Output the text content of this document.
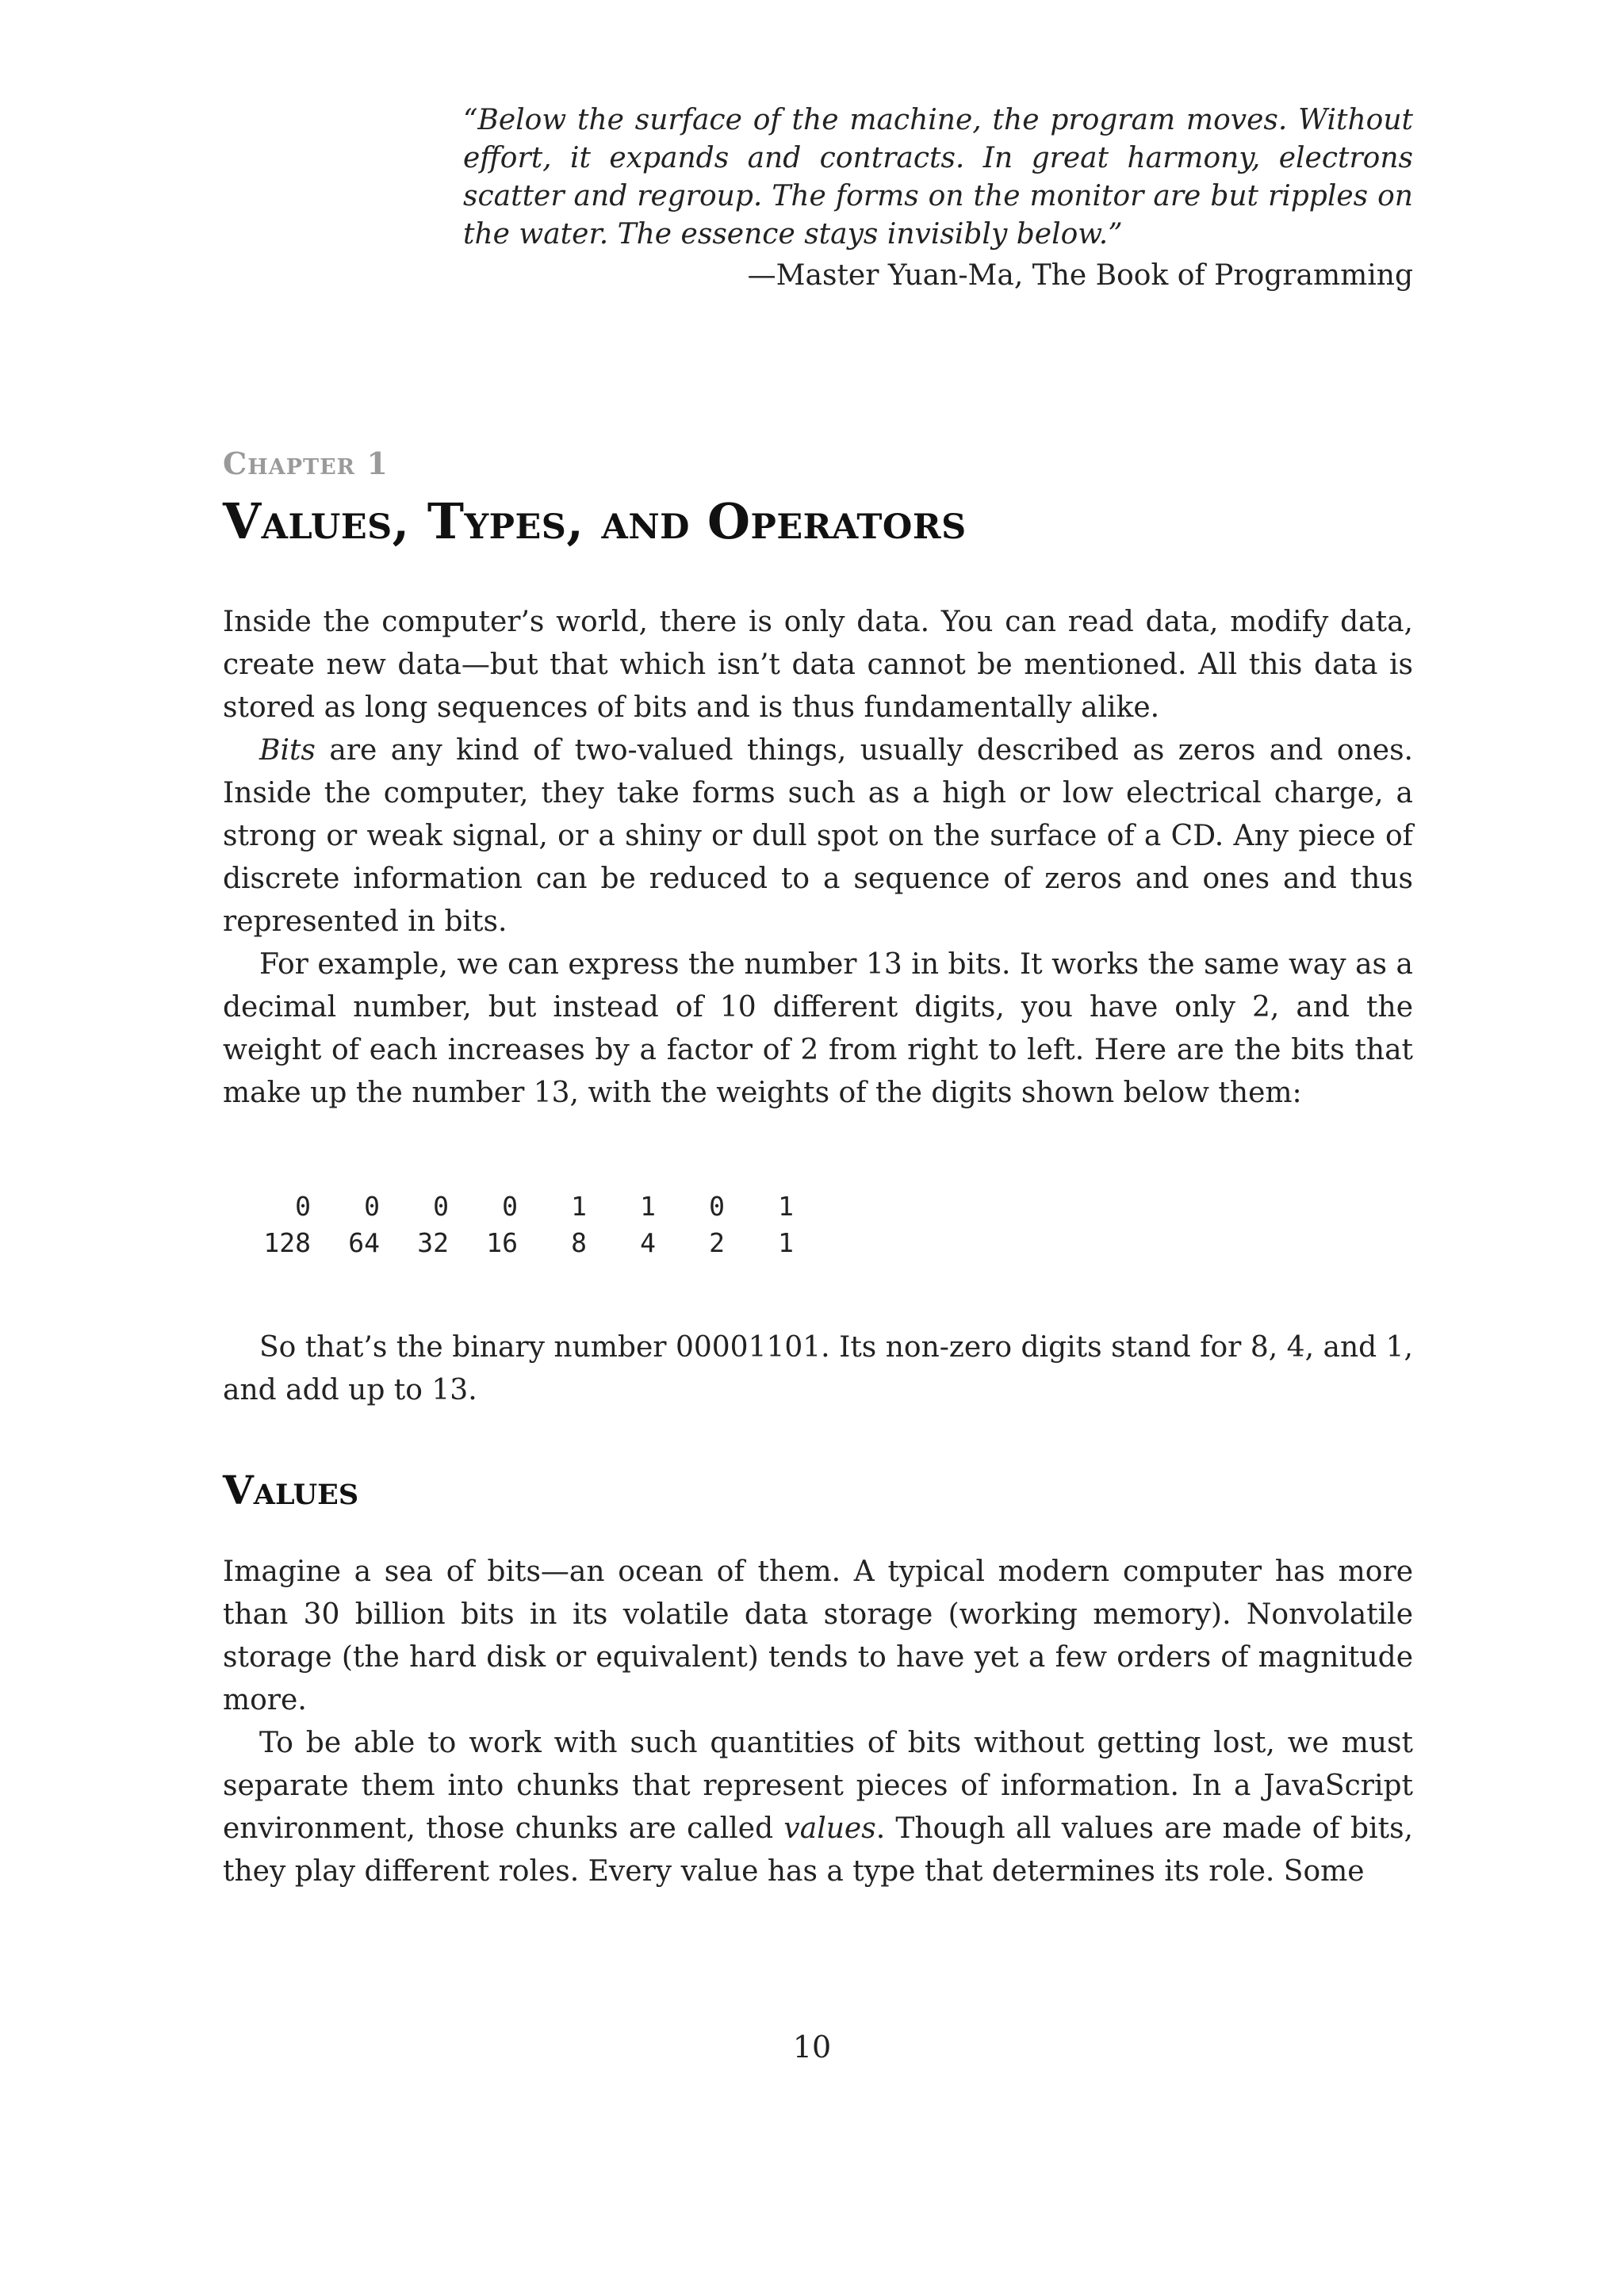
“Below the surface of the machine, the program moves. Without effort, it expands and contracts. In great harmony, electrons scatter and regroup. The forms on the monitor are but ripples on the water. The essence stays invisibly below.”

—Master Yuan-Ma, The Book of Programming

Chapter 1

Values, Types, and Operators

Inside the computer’s world, there is only data. You can read data, modify data, create new data—but that which isn’t data cannot be mentioned. All this data is stored as long sequences of bits and is thus fundamentally alike.

Bits are any kind of two-valued things, usually described as zeros and ones. Inside the computer, they take forms such as a high or low electrical charge, a strong or weak signal, or a shiny or dull spot on the surface of a CD. Any piece of discrete information can be reduced to a sequence of zeros and ones and thus represented in bits.

For example, we can express the number 13 in bits. It works the same way as a decimal number, but instead of 10 different digits, you have only 2, and the weight of each increases by a factor of 2 from right to left. Here are the bits that make up the number 13, with the weights of the digits shown below them:

0	0	0	0	1	1	0	1
128	64	32	16	8	4	2	1

So that’s the binary number 00001101. Its non-zero digits stand for 8, 4, and 1, and add up to 13.

Values

Imagine a sea of bits—an ocean of them. A typical modern computer has more than 30 billion bits in its volatile data storage (working memory). Nonvolatile storage (the hard disk or equivalent) tends to have yet a few orders of magnitude more.

To be able to work with such quantities of bits without getting lost, we must separate them into chunks that represent pieces of information. In a JavaScript environment, those chunks are called values. Though all values are made of bits, they play different roles. Every value has a type that determines its role. Some

10
